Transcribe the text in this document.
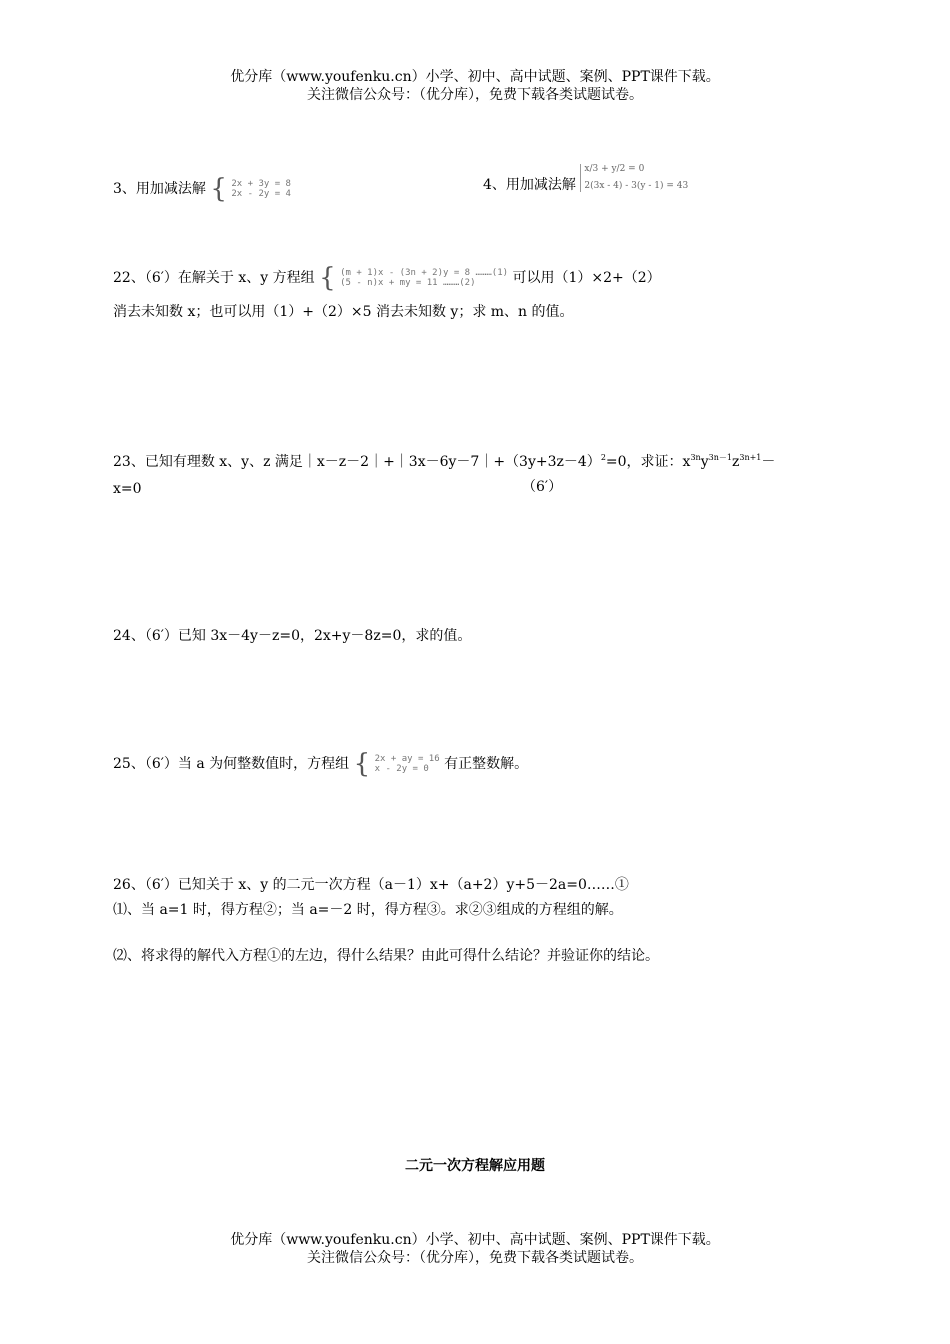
优分库（www.youfenku.cn）小学、初中、高中试题、案例、PPT课件下载。
关注微信公众号：（优分库），免费下载各类试题试卷。
3、用加减法解 { 2x + 3y = 8
2x - 2y = 4
4、用加减法解
x/3 + y/2 = 0
2(3x - 4) - 3(y - 1) = 43
22、（6′）在解关于 x、y 方程组 { (m + 1)x - (3n + 2)y = 8 ………(1)
(5 - n)x + my = 11 ………(2)	可以用（1）×2+（2）
消去未知数 x；也可以用（1）+（2）×5 消去未知数 y；求 m、n 的值。
23、已知有理数 x、y、z 满足$|x-z-2|+|3x-6y-7|+(3y+3z-4)^2=0$，求证：$x^{3n}y^{3n-1}z^{3n+1}-$
x=0	（6′）
24、（6′）已知 3x－4y－z=0，2x+y－8z=0，求的值。
25、（6′）当 a 为何整数值时，方程组 { 2x + ay = 16
x - 2y = 0	有正整数解。
26、（6′）已知关于 x、y 的二元一次方程（a－1）x+（a+2）y+5－2a=0……①
⑴、当 a=1 时，得方程②；当 a=－2 时，得方程③。求②③组成的方程组的解。
⑵、将求得的解代入方程①的左边，得什么结果？由此可得什么结论？并验证你的结论。
二元一次方程解应用题
优分库（www.youfenku.cn）小学、初中、高中试题、案例、PPT课件下载。
关注微信公众号：（优分库），免费下载各类试题试卷。
